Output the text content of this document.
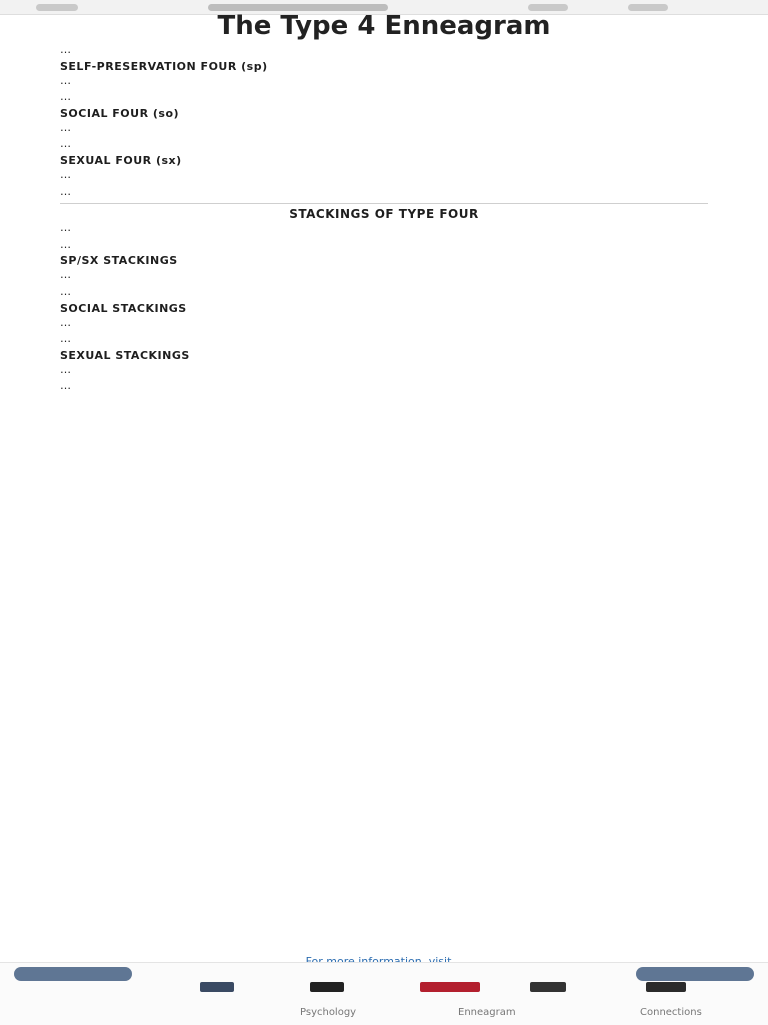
The Type 4 Enneagram

…

SELF-PRESERVATION FOUR (sp)

…

…

SOCIAL FOUR (so)

…

…

SEXUAL FOUR (sx)

…

…

STACKINGS OF TYPE FOUR

…

…

SP/SX STACKINGS

…

…

SOCIAL STACKINGS

…

…

SEXUAL STACKINGS

…

…

Psychology	Enneagram	Connections
